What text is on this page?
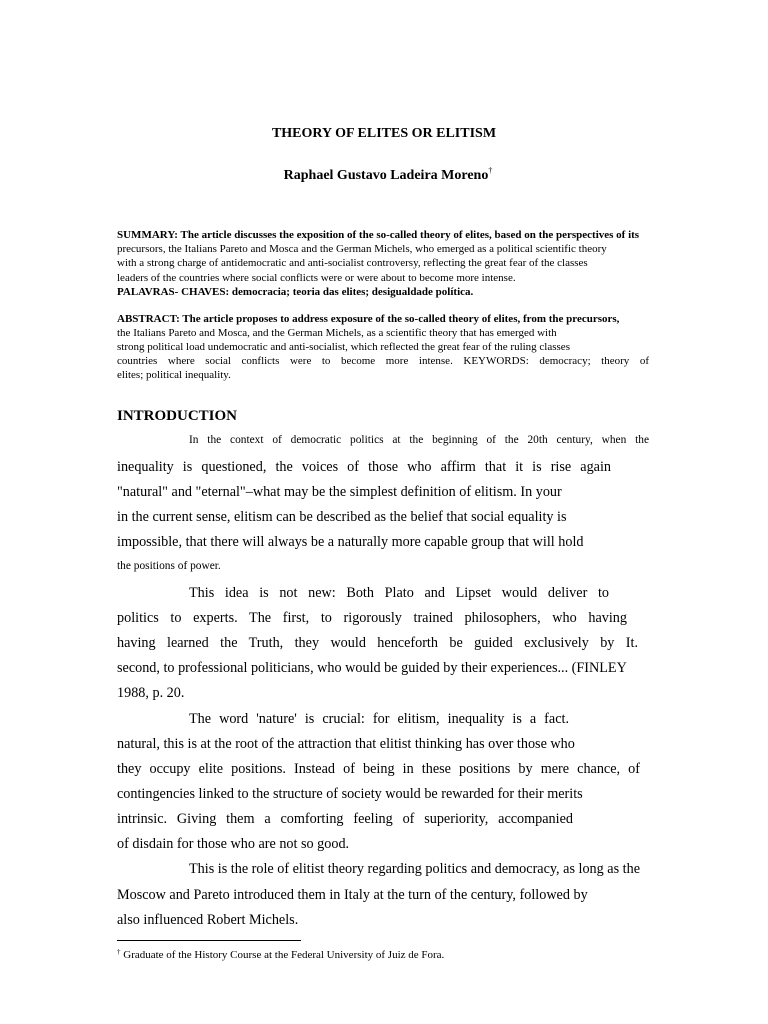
THEORY OF ELITES OR ELITISM
Raphael Gustavo Ladeira Moreno†
SUMMARY: The article discusses the exposition of the so-called theory of elites, based on the perspectives of its
precursors, the Italians Pareto and Mosca and the German Michels, who emerged as a political scientific theory
with a strong charge of antidemocratic and anti-socialist controversy, reflecting the great fear of the classes
leaders of the countries where social conflicts were or were about to become more intense.
PALAVRAS- CHAVES: democracia; teoria das elites; desigualdade política.
ABSTRACT: The article proposes to address exposure of the so-called theory of elites, from the precursors,
the Italians Pareto and Mosca, and the German Michels, as a scientific theory that has emerged with
strong political load undemocratic and anti-socialist, which reflected the great fear of the ruling classes
countries where social conflicts were to become more intense. KEYWORDS: democracy; theory of
elites; political inequality.
INTRODUCTION
In the context of democratic politics at the beginning of the 20th century, when the
inequality is questioned, the voices of those who affirm that it is rise again
"natural" and "eternal"–what may be the simplest definition of elitism. In your
in the current sense, elitism can be described as the belief that social equality is
impossible, that there will always be a naturally more capable group that will hold
the positions of power.
This idea is not new: Both Plato and Lipset would deliver to
politics to experts. The first, to rigorously trained philosophers, who having
having learned the Truth, they would henceforth be guided exclusively by It.
second, to professional politicians, who would be guided by their experiences... (FINLEY
1988, p. 20.
The word 'nature' is crucial: for elitism, inequality is a fact.
natural, this is at the root of the attraction that elitist thinking has over those who
they occupy elite positions. Instead of being in these positions by mere chance, of
contingencies linked to the structure of society would be rewarded for their merits
intrinsic. Giving them a comforting feeling of superiority, accompanied
of disdain for those who are not so good.
This is the role of elitist theory regarding politics and democracy, as long as the
Moscow and Pareto introduced them in Italy at the turn of the century, followed by
also influenced Robert Michels.
† Graduate of the History Course at the Federal University of Juiz de Fora.
